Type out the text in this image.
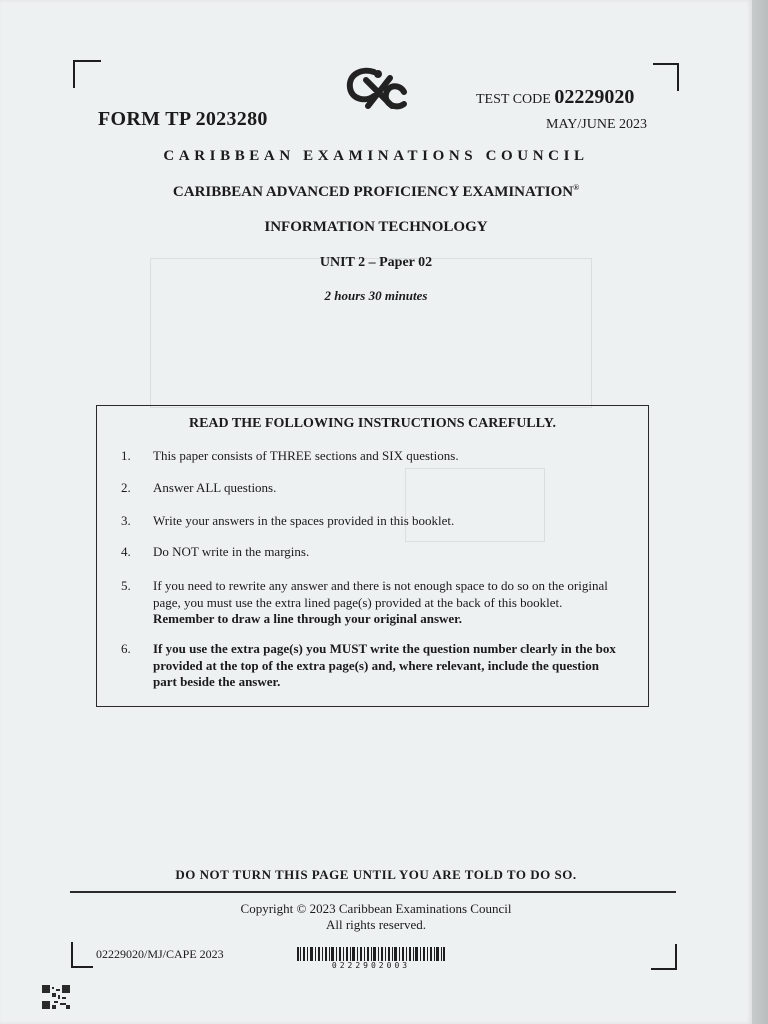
FORM TP 2023280
TEST CODE 02229020
MAY/JUNE 2023
CARIBBEAN EXAMINATIONS COUNCIL
CARIBBEAN ADVANCED PROFICIENCY EXAMINATION®
INFORMATION TECHNOLOGY
UNIT 2 – Paper 02
2 hours 30 minutes
READ THE FOLLOWING INSTRUCTIONS CAREFULLY.
1. This paper consists of THREE sections and SIX questions.
2. Answer ALL questions.
3. Write your answers in the spaces provided in this booklet.
4. Do NOT write in the margins.
5. If you need to rewrite any answer and there is not enough space to do so on the original page, you must use the extra lined page(s) provided at the back of this booklet. Remember to draw a line through your original answer.
6. If you use the extra page(s) you MUST write the question number clearly in the box provided at the top of the extra page(s) and, where relevant, include the question part beside the answer.
DO NOT TURN THIS PAGE UNTIL YOU ARE TOLD TO DO SO.
Copyright © 2023 Caribbean Examinations Council
All rights reserved.
02229020/MJ/CAPE 2023
0222902003
